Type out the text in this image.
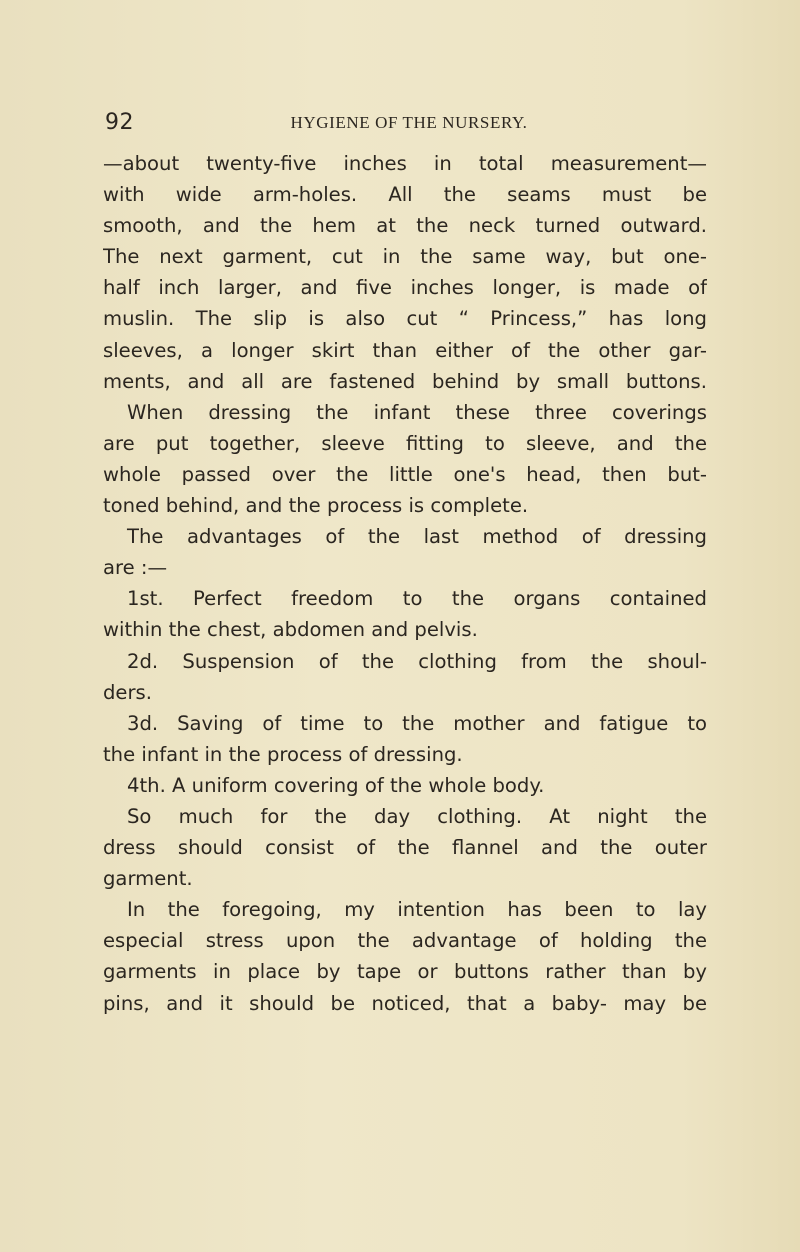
92	HYGIENE OF THE NURSERY.
—about twenty-five inches in total measurement—
with wide arm-holes. All the seams must be
smooth, and the hem at the neck turned outward.
The next garment, cut in the same way, but one-
half inch larger, and five inches longer, is made of
muslin. The slip is also cut “ Princess,” has long
sleeves, a longer skirt than either of the other gar-
ments, and all are fastened behind by small buttons.
When dressing the infant these three coverings
are put together, sleeve fitting to sleeve, and the
whole passed over the little one's head, then but-
toned behind, and the process is complete.
The advantages of the last method of dressing
are :—
1st. Perfect freedom to the organs contained
within the chest, abdomen and pelvis.
2d. Suspension of the clothing from the shoul-
ders.
3d. Saving of time to the mother and fatigue to
the infant in the process of dressing.
4th. A uniform covering of the whole body.
So much for the day clothing. At night the
dress should consist of the flannel and the outer
garment.
In the foregoing, my intention has been to lay
especial stress upon the advantage of holding the
garments in place by tape or buttons rather than by
pins, and it should be noticed, that a baby- may be
